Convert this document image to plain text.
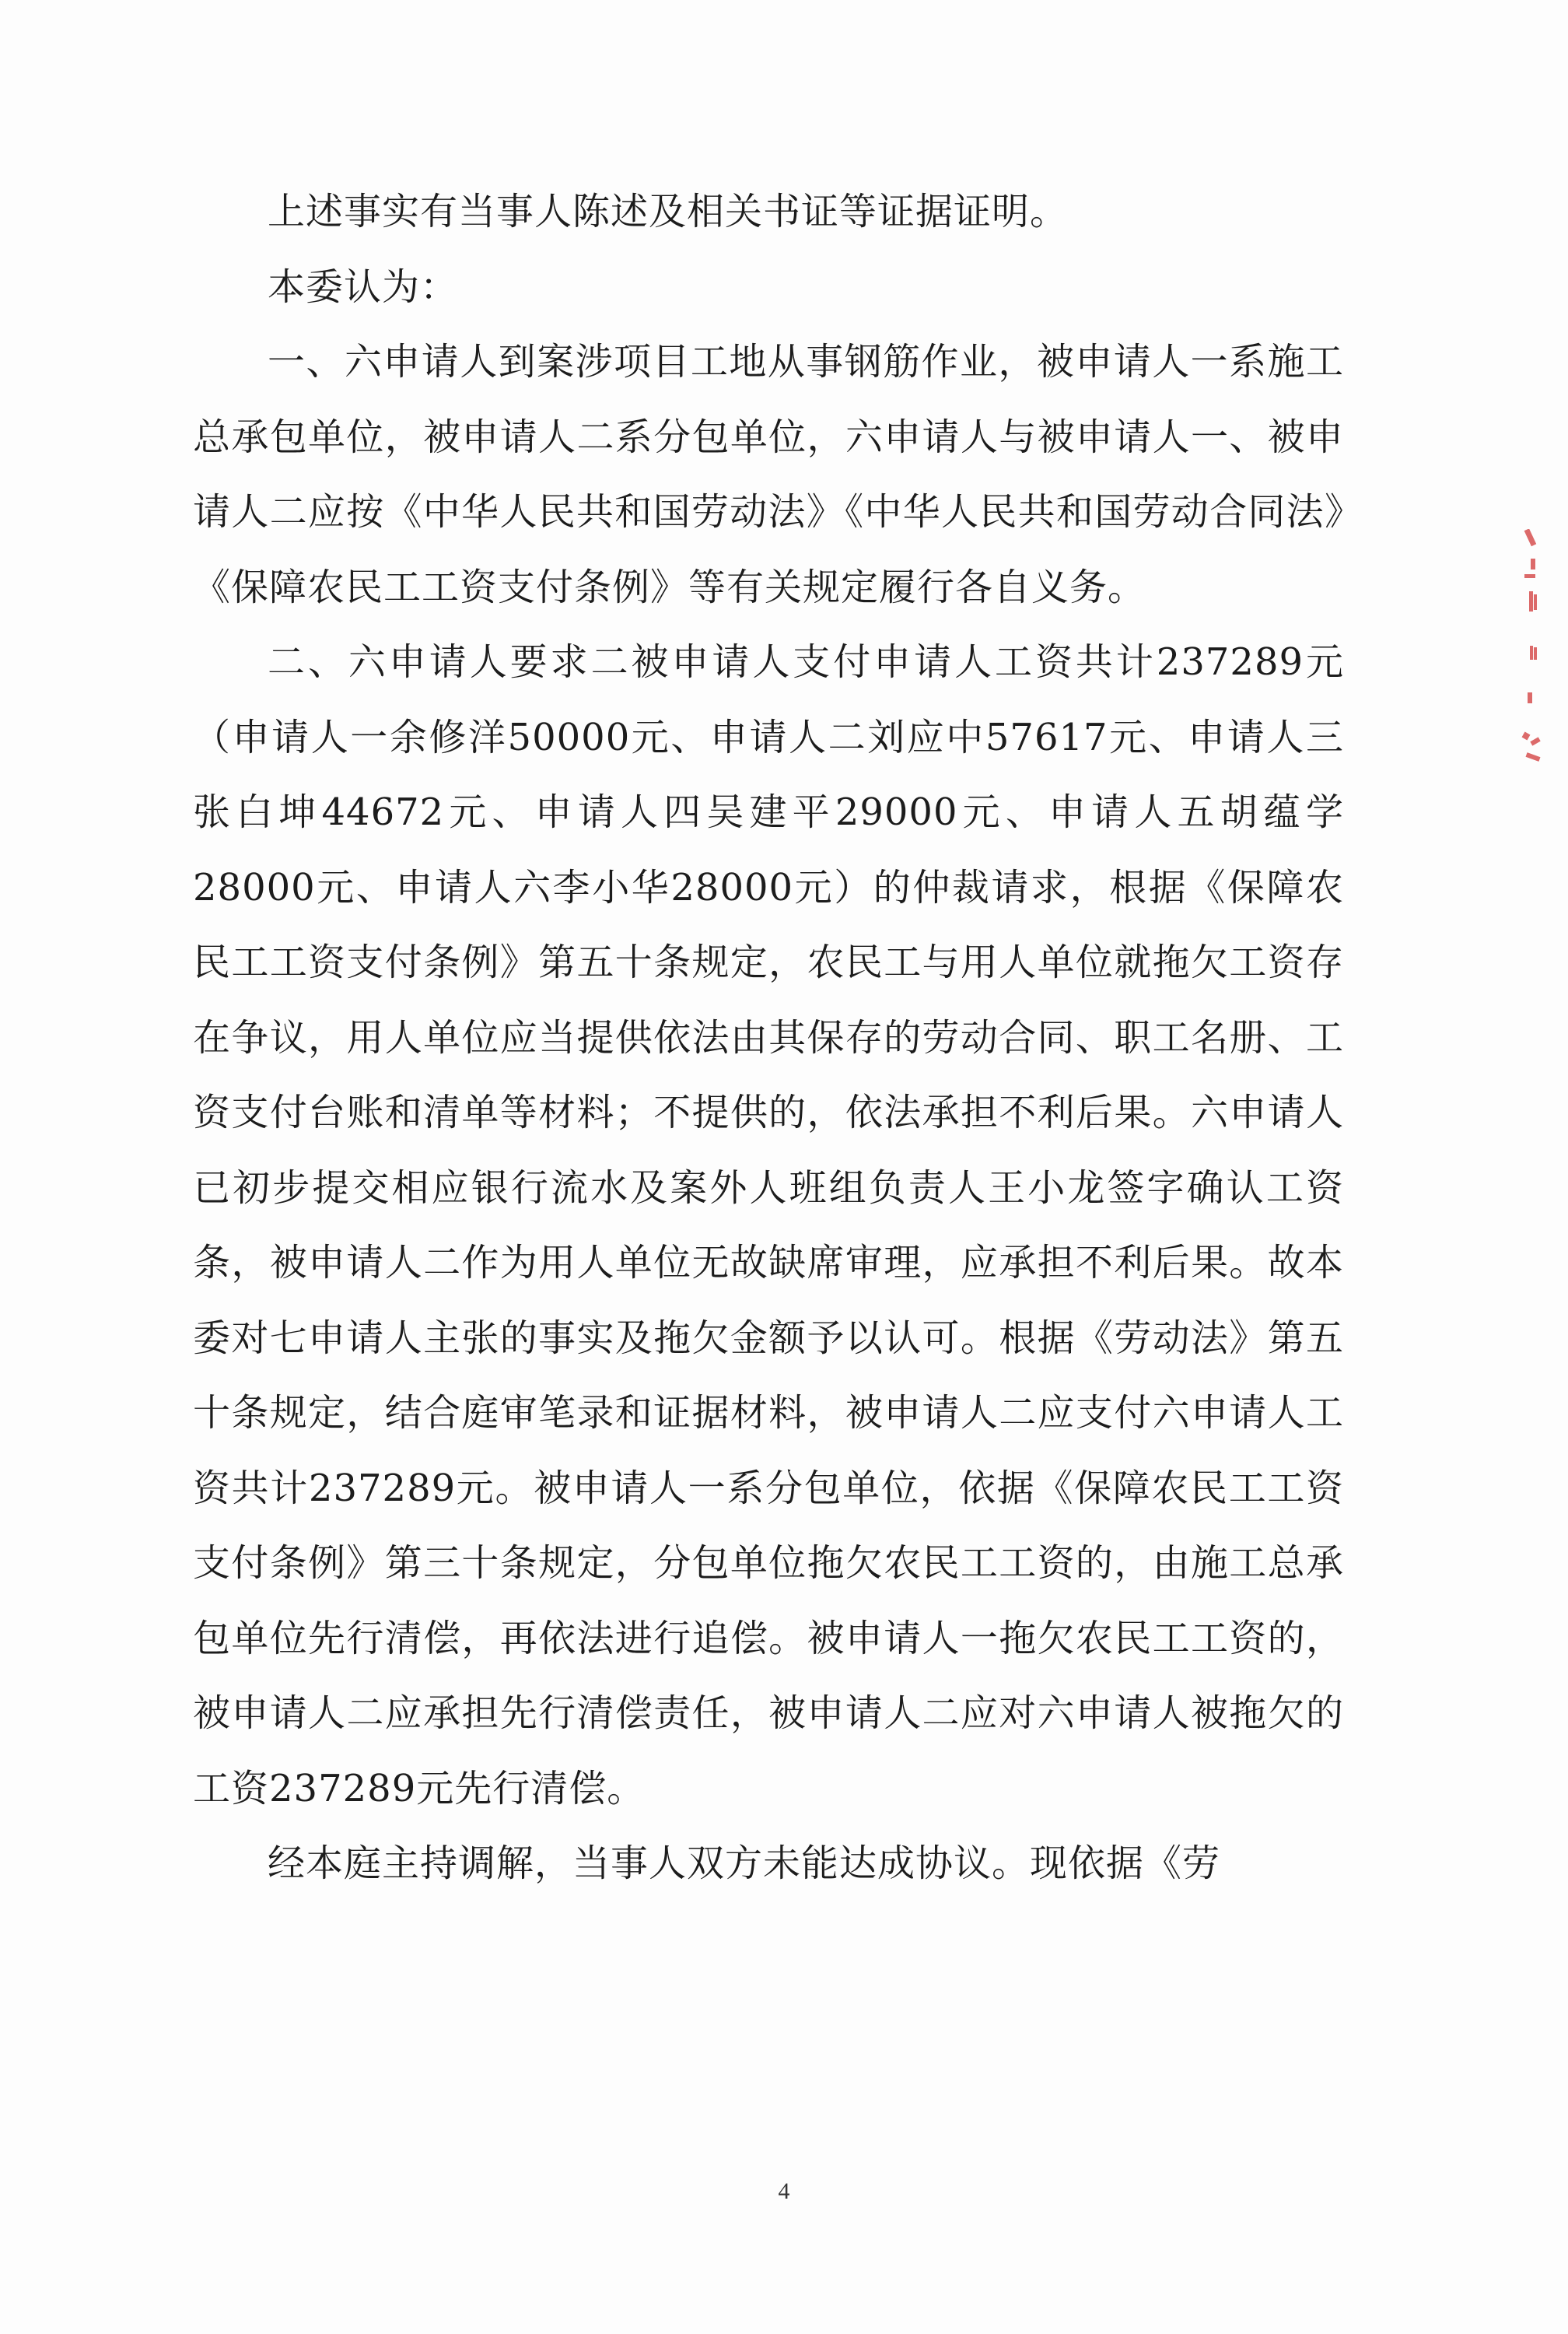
上述事实有当事人陈述及相关书证等证据证明。

本委认为：

一、六申请人到案涉项目工地从事钢筋作业，被申请人一系施工总承包单位，被申请人二系分包单位，六申请人与被申请人一、被申请人二应按《中华人民共和国劳动法》《中华人民共和国劳动合同法》《保障农民工工资支付条例》等有关规定履行各自义务。

二、六申请人要求二被申请人支付申请人工资共计237289元（申请人一余修洋50000元、申请人二刘应中57617元、申请人三张白坤44672元、申请人四吴建平29000元、申请人五胡蕴学28000元、申请人六李小华28000元）的仲裁请求，根据《保障农民工工资支付条例》第五十条规定，农民工与用人单位就拖欠工资存在争议，用人单位应当提供依法由其保存的劳动合同、职工名册、工资支付台账和清单等材料；不提供的，依法承担不利后果。六申请人已初步提交相应银行流水及案外人班组负责人王小龙签字确认工资条，被申请人二作为用人单位无故缺席审理，应承担不利后果。故本委对七申请人主张的事实及拖欠金额予以认可。根据《劳动法》第五十条规定，结合庭审笔录和证据材料，被申请人二应支付六申请人工资共计237289元。被申请人一系分包单位，依据《保障农民工工资支付条例》第三十条规定，分包单位拖欠农民工工资的，由施工总承包单位先行清偿，再依法进行追偿。被申请人一拖欠农民工工资的，被申请人二应承担先行清偿责任，被申请人二应对六申请人被拖欠的工资237289元先行清偿。

经本庭主持调解，当事人双方未能达成协议。现依据《劳

4
